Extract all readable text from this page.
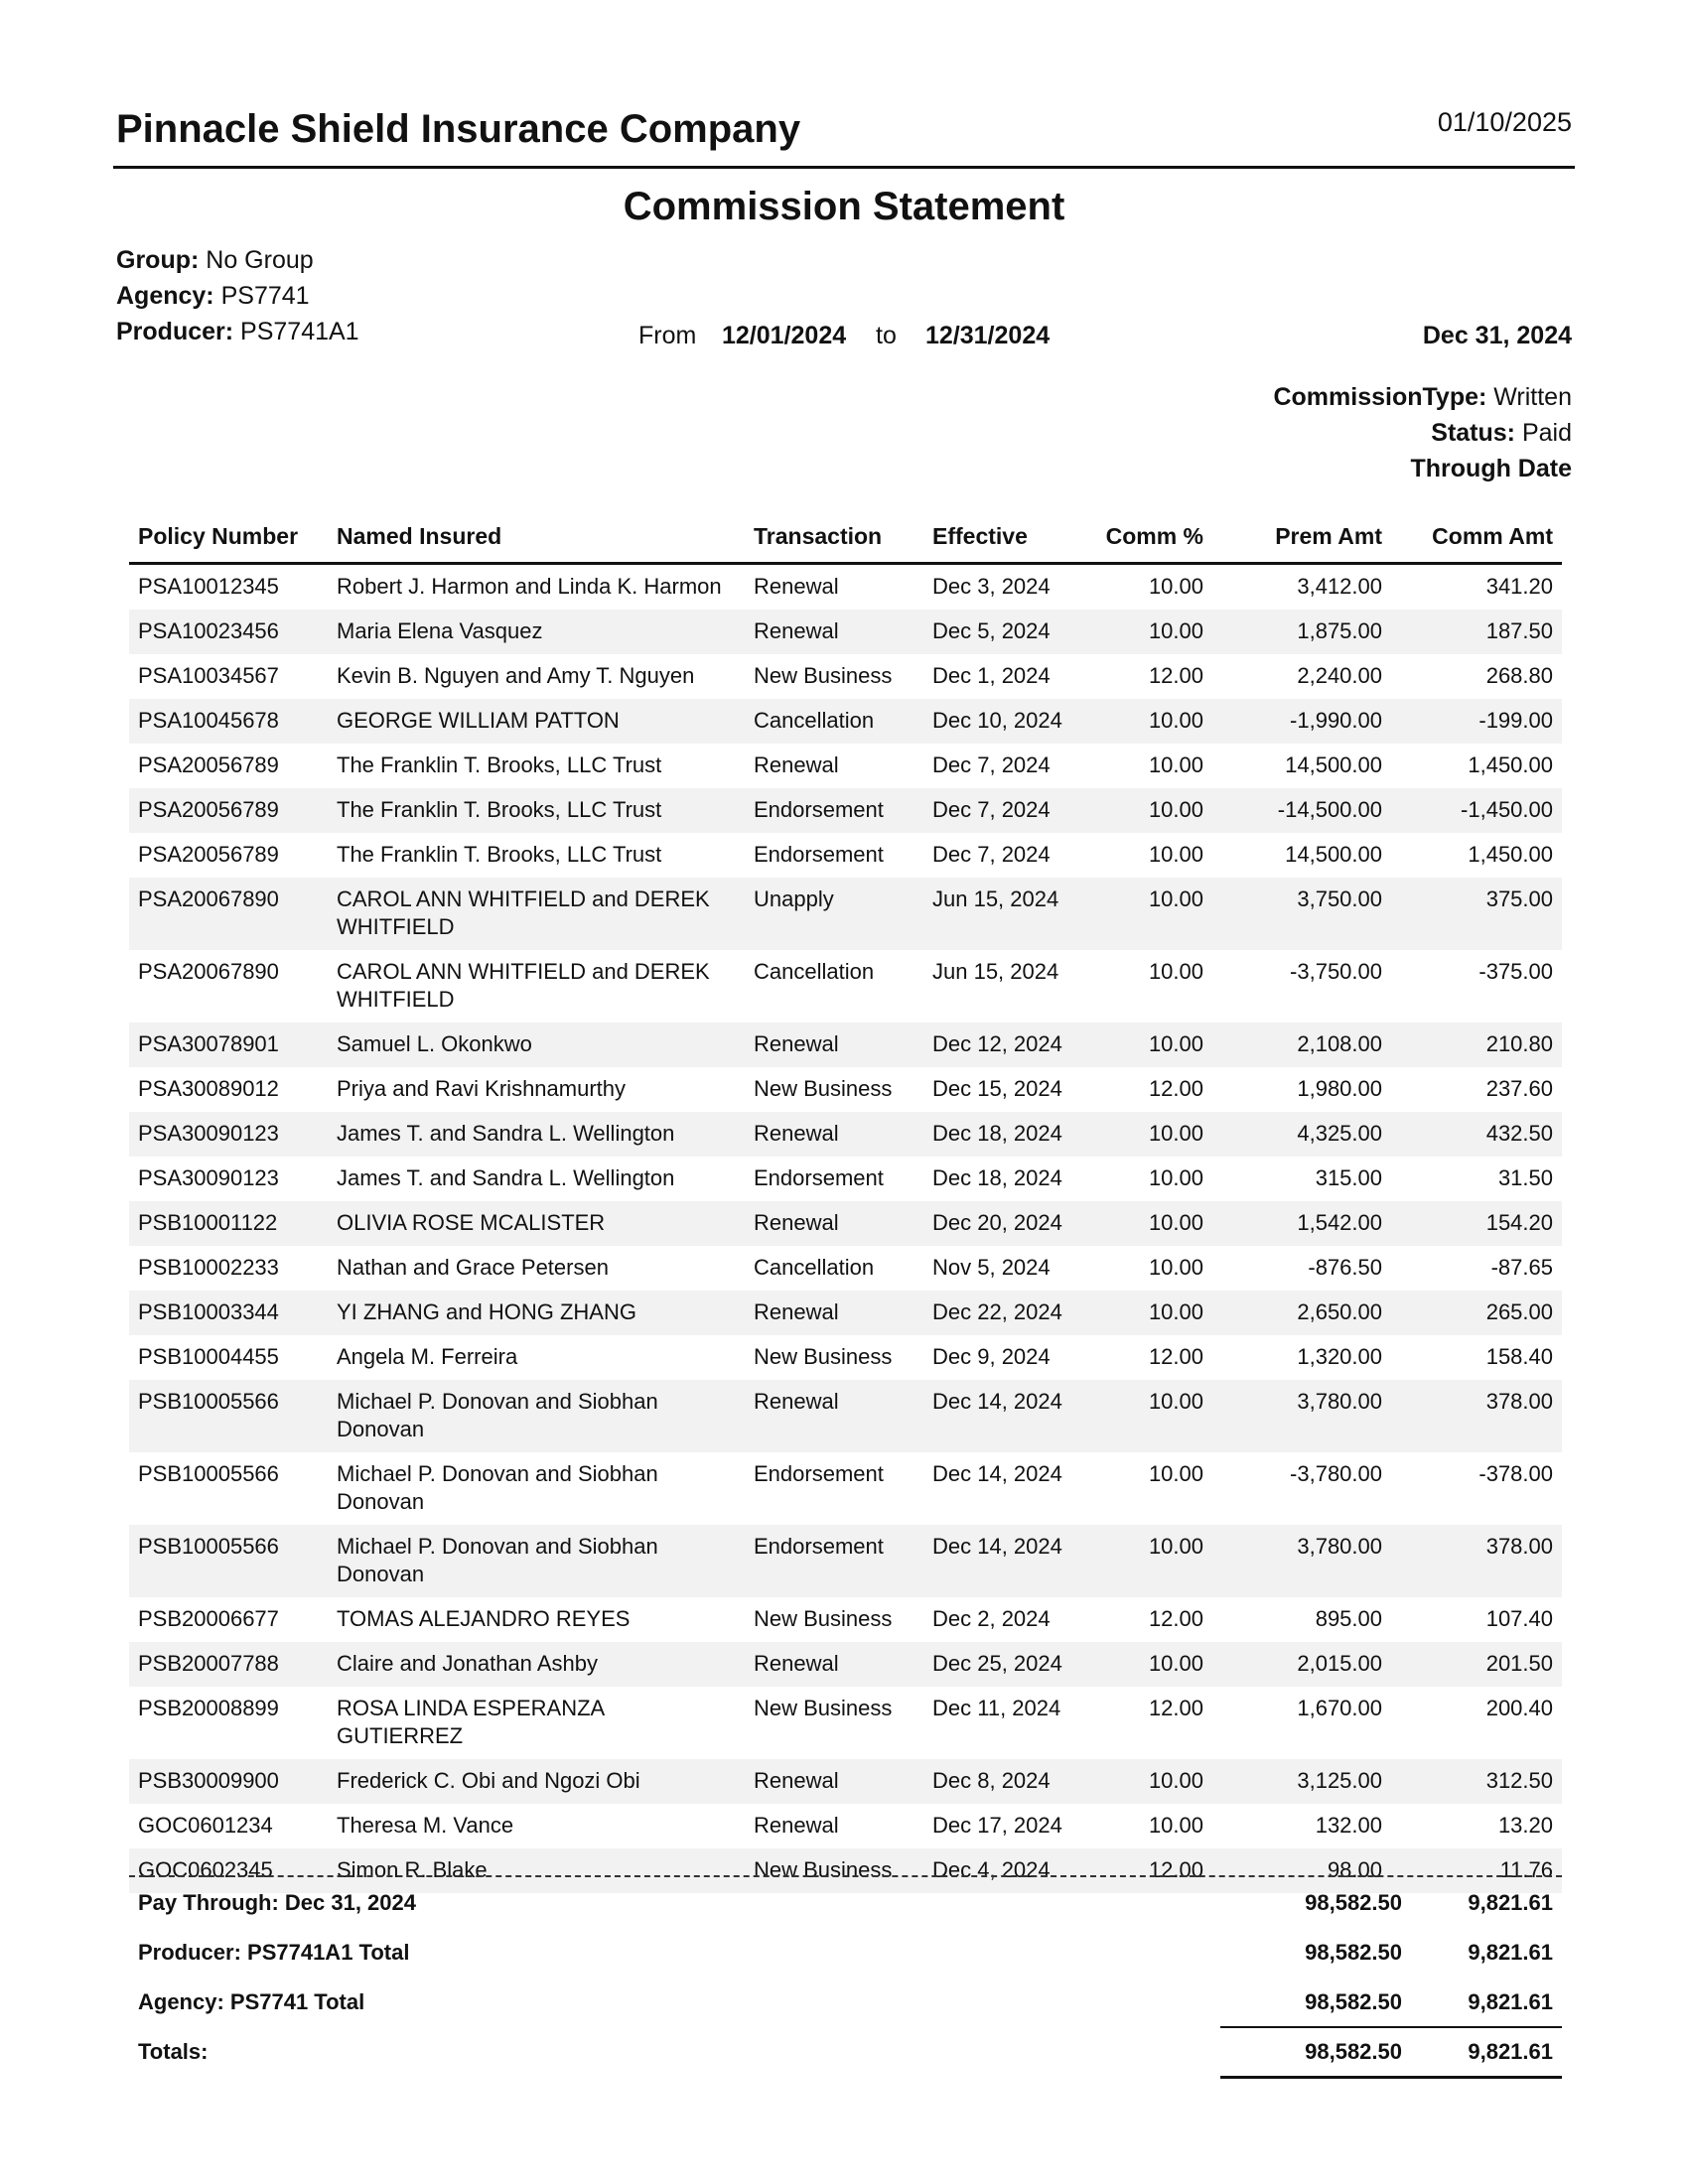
Pinnacle Shield Insurance Company	01/10/2025
Commission Statement
Group: No Group
Agency: PS7741
Producer: PS7741A1	From 12/01/2024 to 12/31/2024	Dec 31, 2024
CommissionType: Written
Status: Paid
Through Date
Policy Number	Named Insured	Transaction	Effective	Comm %	Prem Amt	Comm Amt
PSA10012345	Robert J. Harmon and Linda K. Harmon	Renewal	Dec 3, 2024	10.00	3,412.00	341.20
PSA10023456	Maria Elena Vasquez	Renewal	Dec 5, 2024	10.00	1,875.00	187.50
PSA10034567	Kevin B. Nguyen and Amy T. Nguyen	New Business	Dec 1, 2024	12.00	2,240.00	268.80
PSA10045678	GEORGE WILLIAM PATTON	Cancellation	Dec 10, 2024	10.00	-1,990.00	-199.00
PSA20056789	The Franklin T. Brooks, LLC Trust	Renewal	Dec 7, 2024	10.00	14,500.00	1,450.00
PSA20056789	The Franklin T. Brooks, LLC Trust	Endorsement	Dec 7, 2024	10.00	-14,500.00	-1,450.00
PSA20056789	The Franklin T. Brooks, LLC Trust	Endorsement	Dec 7, 2024	10.00	14,500.00	1,450.00
PSA20067890	CAROL ANN WHITFIELD and DEREK WHITFIELD	Unapply	Jun 15, 2024	10.00	3,750.00	375.00
PSA20067890	CAROL ANN WHITFIELD and DEREK WHITFIELD	Cancellation	Jun 15, 2024	10.00	-3,750.00	-375.00
PSA30078901	Samuel L. Okonkwo	Renewal	Dec 12, 2024	10.00	2,108.00	210.80
PSA30089012	Priya and Ravi Krishnamurthy	New Business	Dec 15, 2024	12.00	1,980.00	237.60
PSA30090123	James T. and Sandra L. Wellington	Renewal	Dec 18, 2024	10.00	4,325.00	432.50
PSA30090123	James T. and Sandra L. Wellington	Endorsement	Dec 18, 2024	10.00	315.00	31.50
PSB10001122	OLIVIA ROSE MCALISTER	Renewal	Dec 20, 2024	10.00	1,542.00	154.20
PSB10002233	Nathan and Grace Petersen	Cancellation	Nov 5, 2024	10.00	-876.50	-87.65
PSB10003344	YI ZHANG and HONG ZHANG	Renewal	Dec 22, 2024	10.00	2,650.00	265.00
PSB10004455	Angela M. Ferreira	New Business	Dec 9, 2024	12.00	1,320.00	158.40
PSB10005566	Michael P. Donovan and Siobhan Donovan	Renewal	Dec 14, 2024	10.00	3,780.00	378.00
PSB10005566	Michael P. Donovan and Siobhan Donovan	Endorsement	Dec 14, 2024	10.00	-3,780.00	-378.00
PSB10005566	Michael P. Donovan and Siobhan Donovan	Endorsement	Dec 14, 2024	10.00	3,780.00	378.00
PSB20006677	TOMAS ALEJANDRO REYES	New Business	Dec 2, 2024	12.00	895.00	107.40
PSB20007788	Claire and Jonathan Ashby	Renewal	Dec 25, 2024	10.00	2,015.00	201.50
PSB20008899	ROSA LINDA ESPERANZA GUTIERREZ	New Business	Dec 11, 2024	12.00	1,670.00	200.40
PSB30009900	Frederick C. Obi and Ngozi Obi	Renewal	Dec 8, 2024	10.00	3,125.00	312.50
GOC0601234	Theresa M. Vance	Renewal	Dec 17, 2024	10.00	132.00	13.20
GOC0602345	Simon R. Blake	New Business	Dec 4, 2024	12.00	98.00	11.76
Pay Through: Dec 31, 2024	98,582.50	9,821.61
Producer: PS7741A1 Total	98,582.50	9,821.61
Agency: PS7741 Total	98,582.50	9,821.61
Totals:	98,582.50	9,821.61
